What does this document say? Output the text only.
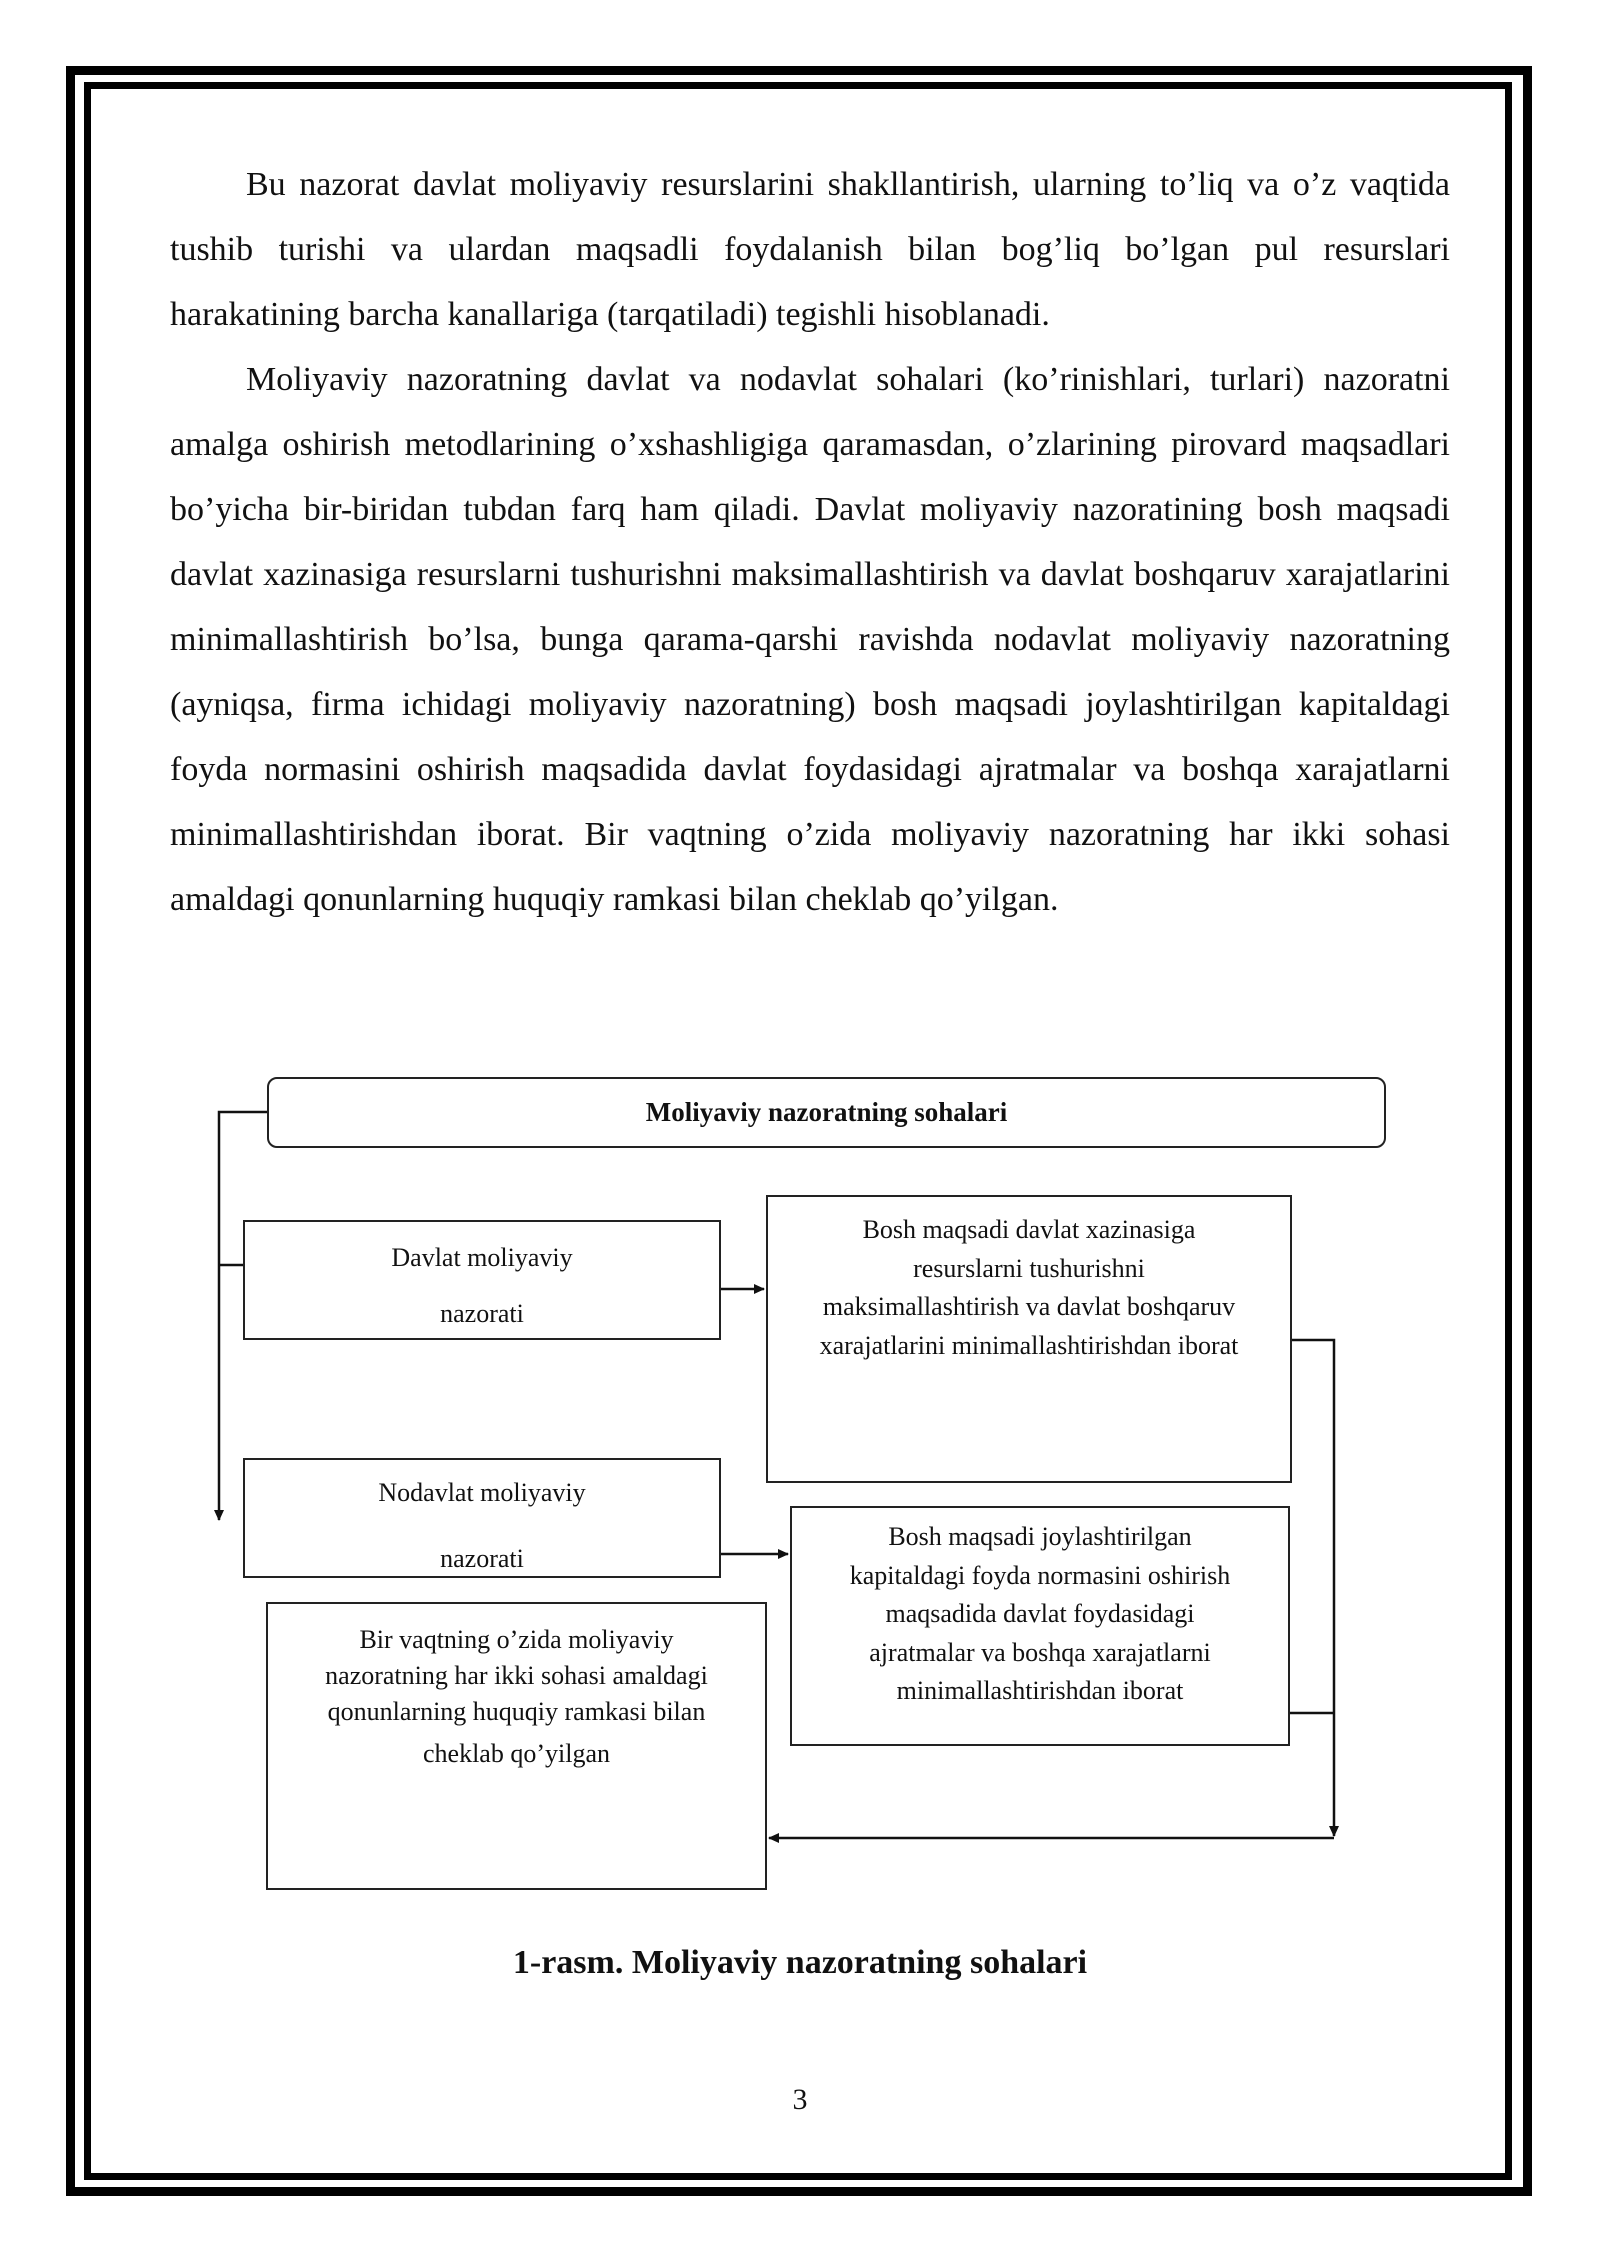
Bu nazorat davlat moliyaviy resurslarini shakllantirish, ularning to’liq va o’z vaqtida tushib turishi va ulardan maqsadli foydalanish bilan bog’liq bo’lgan pul resurslari harakatining barcha kanallariga (tarqatiladi) tegishli hisoblanadi.

Moliyaviy nazoratning davlat va nodavlat sohalari (ko’rinishlari, turlari) nazoratni amalga oshirish metodlarining o’xshashligiga qaramasdan, o’zlarining pirovard maqsadlari bo’yicha bir-biridan tubdan farq ham qiladi. Davlat moliyaviy nazoratining bosh maqsadi davlat xazinasiga resurslarni tushurishni maksimallashtirish va davlat boshqaruv xarajatlarini minimallashtirish bo’lsa, bunga qarama-qarshi ravishda nodavlat moliyaviy nazoratning (ayniqsa, firma ichidagi moliyaviy nazoratning) bosh maqsadi joylashtirilgan kapitaldagi foyda normasini oshirish maqsadida davlat foydasidagi ajratmalar va boshqa xarajatlarni minimallashtirishdan iborat. Bir vaqtning o’zida moliyaviy nazoratning har ikki sohasi amaldagi qonunlarning huquqiy ramkasi bilan cheklab qo’yilgan.

Moliyaviy nazoratning sohalari
Davlat moliyaviy
nazorati
Nodavlat moliyaviy
nazorati
Bosh maqsadi davlat xazinasiga
resurslarni tushurishni
maksimallashtirish va davlat boshqaruv
xarajatlarini minimallashtirishdan iborat
Bosh maqsadi joylashtirilgan
kapitaldagi foyda normasini oshirish
maqsadida davlat foydasidagi
ajratmalar va boshqa xarajatlarni
minimallashtirishdan iborat
Bir vaqtning o’zida moliyaviy
nazoratning har ikki sohasi amaldagi
qonunlarning huquqiy ramkasi bilan
cheklab qo’yilgan
1-rasm. Moliyaviy nazoratning sohalari
3
